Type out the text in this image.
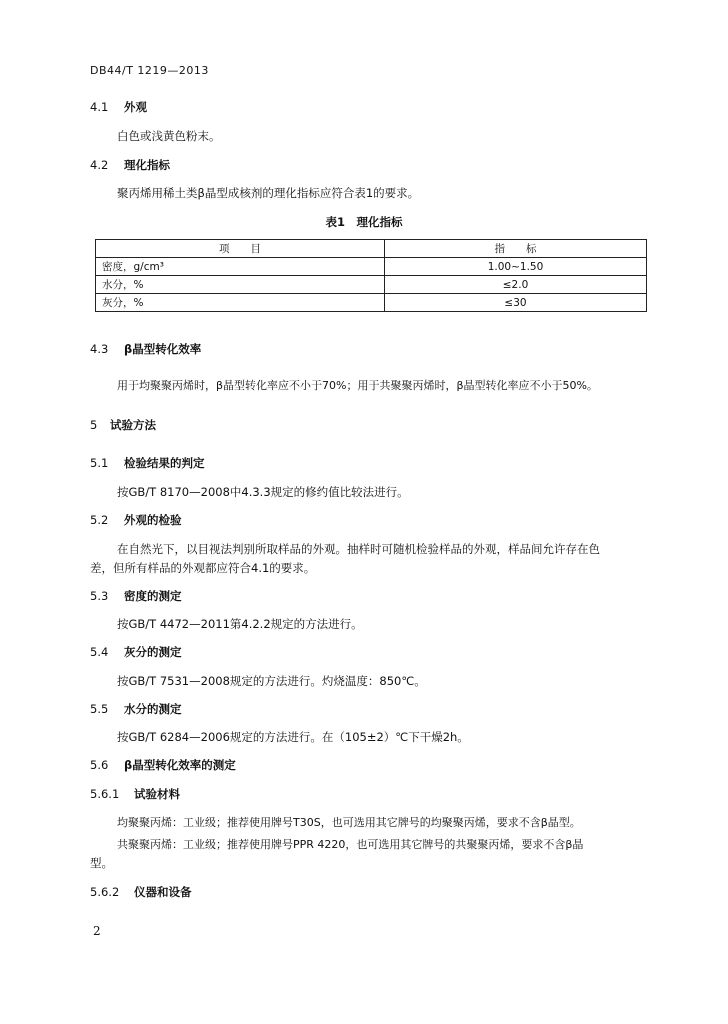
DB44/T 1219—2013
4.1 外观
白色或浅黄色粉末。
4.2 理化指标
聚丙烯用稀土类β晶型成核剂的理化指标应符合表1的要求。
表1　理化指标
项　　目	指　　标
密度，g/cm³	1.00~1.50
水分，%	≤2.0
灰分，%	≤30
4.3 β晶型转化效率
用于均聚聚丙烯时，β晶型转化率应不小于70%；用于共聚聚丙烯时，β晶型转化率应不小于50%。
5 试验方法
5.1 检验结果的判定
按GB/T 8170—2008中4.3.3规定的修约值比较法进行。
5.2 外观的检验
在自然光下，以目视法判别所取样品的外观。抽样时可随机检验样品的外观，样品间允许存在色
差，但所有样品的外观都应符合4.1的要求。
5.3 密度的测定
按GB/T 4472—2011第4.2.2规定的方法进行。
5.4 灰分的测定
按GB/T 7531—2008规定的方法进行。灼烧温度：850℃。
5.5 水分的测定
按GB/T 6284—2006规定的方法进行。在（105±2）℃下干燥2h。
5.6 β晶型转化效率的测定
5.6.1 试验材料
均聚聚丙烯：工业级；推荐使用牌号T30S，也可选用其它牌号的均聚聚丙烯，要求不含β晶型。
共聚聚丙烯：工业级；推荐使用牌号PPR 4220，也可选用其它牌号的共聚聚丙烯，要求不含β晶
型。
5.6.2 仪器和设备
2
